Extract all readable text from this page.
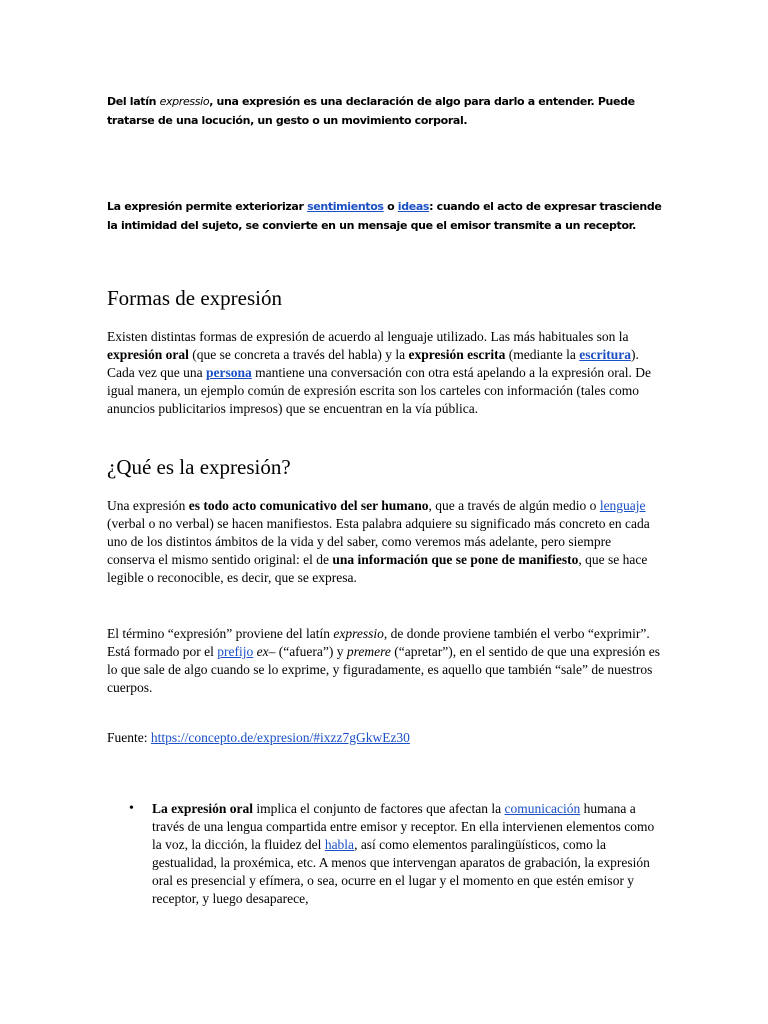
Del latín expressio, una expresión es una declaración de algo para darlo a entender. Puede tratarse de una locución, un gesto o un movimiento corporal.

La expresión permite exteriorizar sentimientos o ideas: cuando el acto de expresar trasciende la intimidad del sujeto, se convierte en un mensaje que el emisor transmite a un receptor.

Formas de expresión

Existen distintas formas de expresión de acuerdo al lenguaje utilizado. Las más habituales son la expresión oral (que se concreta a través del habla) y la expresión escrita (mediante la escritura). Cada vez que una persona mantiene una conversación con otra está apelando a la expresión oral. De igual manera, un ejemplo común de expresión escrita son los carteles con información (tales como anuncios publicitarios impresos) que se encuentran en la vía pública.

¿Qué es la expresión?

Una expresión es todo acto comunicativo del ser humano, que a través de algún medio o lenguaje (verbal o no verbal) se hacen manifiestos. Esta palabra adquiere su significado más concreto en cada uno de los distintos ámbitos de la vida y del saber, como veremos más adelante, pero siempre conserva el mismo sentido original: el de una información que se pone de manifiesto, que se hace legible o reconocible, es decir, que se expresa.

El término “expresión” proviene del latín expressio, de donde proviene también el verbo “exprimir”. Está formado por el prefijo ex– (“afuera”) y premere (“apretar”), en el sentido de que una expresión es lo que sale de algo cuando se lo exprime, y figuradamente, es aquello que también “sale” de nuestros cuerpos.

Fuente: https://concepto.de/expresion/#ixzz7gGkwEz30

• La expresión oral implica el conjunto de factores que afectan la comunicación humana a través de una lengua compartida entre emisor y receptor. En ella intervienen elementos como la voz, la dicción, la fluidez del habla, así como elementos paralingüísticos, como la gestualidad, la proxémica, etc. A menos que intervengan aparatos de grabación, la expresión oral es presencial y efímera, o sea, ocurre en el lugar y el momento en que estén emisor y receptor, y luego desaparece,
